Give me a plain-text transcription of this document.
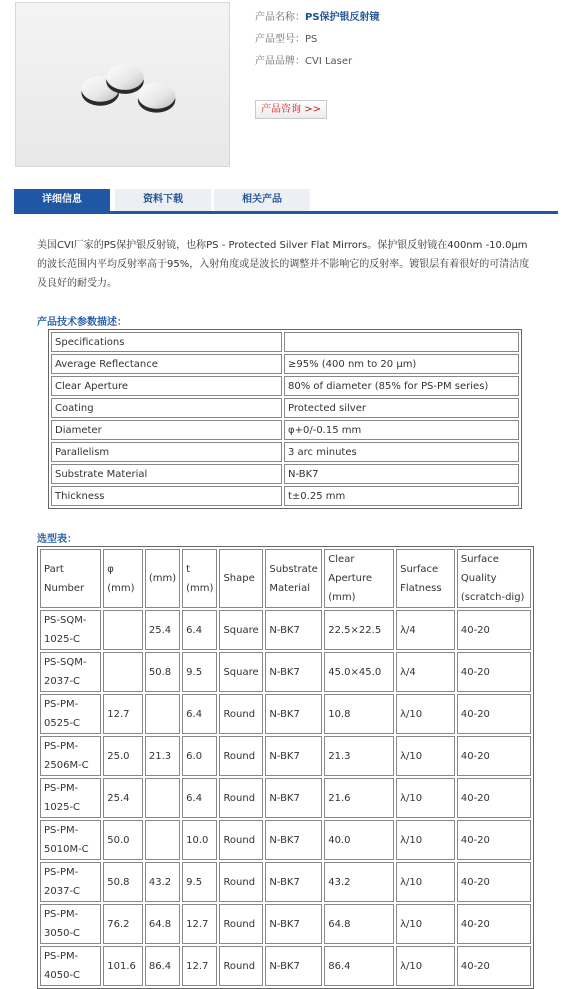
产品名称：PS保护银反射镜
产品型号：PS
产品品牌：CVI Laser
产品咨询 >>
详细信息	资料下载	相关产品

美国CVI厂家的PS保护银反射镜，也称PS - Protected Silver Flat Mirrors。保护银反射镜在400nm -10.0μm的波长范围内平均反射率高于95%，入射角度或是波长的调整并不影响它的反射率。镀银层有着很好的可清洁度及良好的耐受力。

产品技术参数描述：
Specifications	
Average Reflectance	≥95% (400 nm to 20 μm)
Clear Aperture	80% of diameter (85% for PS-PM series)
Coating	Protected silver
Diameter	φ+0/-0.15 mm
Parallelism	3 arc minutes
Substrate Material	N-BK7
Thickness	t±0.25 mm
选型表：
Part Number	φ (mm)	(mm)	t (mm)	Shape	Substrate Material	Clear Aperture (mm)	Surface Flatness	Surface Quality (scratch-dig)
PS-SQM-1025-C		25.4	6.4	Square	N-BK7	22.5×22.5	λ/4	40-20
PS-SQM-2037-C		50.8	9.5	Square	N-BK7	45.0×45.0	λ/4	40-20
PS-PM-0525-C	12.7		6.4	Round	N-BK7	10.8	λ/10	40-20
PS-PM-2506M-C	25.0	21.3	6.0	Round	N-BK7	21.3	λ/10	40-20
PS-PM-1025-C	25.4		6.4	Round	N-BK7	21.6	λ/10	40-20
PS-PM-5010M-C	50.0		10.0	Round	N-BK7	40.0	λ/10	40-20
PS-PM-2037-C	50.8	43.2	9.5	Round	N-BK7	43.2	λ/10	40-20
PS-PM-3050-C	76.2	64.8	12.7	Round	N-BK7	64.8	λ/10	40-20
PS-PM-4050-C	101.6	86.4	12.7	Round	N-BK7	86.4	λ/10	40-20
